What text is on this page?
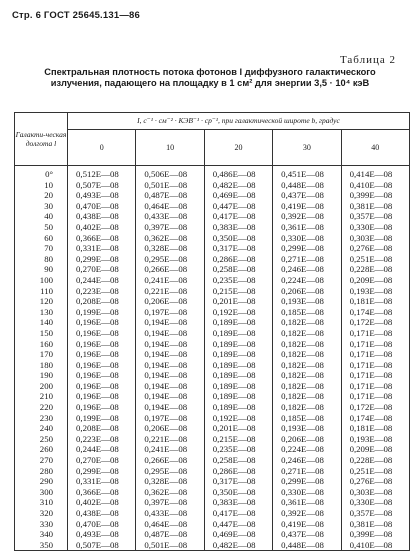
Стр. 6 ГОСТ 25645.131—86
Таблица 2
Спектральная плотность потока фотонов I диффузного галактического излучения, падающего на площадку в 1 см² для энергии 3,5 · 10⁴ кэВ
Галакти-ческая долгота l	I, с⁻¹ · см⁻² · КЭВ⁻¹ · ср⁻¹, при галактической широте b, градус				
	0	10	20	30	40
0°	0,512E—08	0,506E—08	0,486E—08	0,451E—08	0,414E—08
10	0,507E—08	0,501E—08	0,482E—08	0,448E—08	0,410E—08
20	0,493E—08	0,487E—08	0,469E—08	0,437E—08	0,399E—08
30	0,470E—08	0,464E—08	0,447E—08	0,419E—08	0,381E—08
40	0,438E—08	0,433E—08	0,417E—08	0,392E—08	0,357E—08
50	0,402E—08	0,397E—08	0,383E—08	0,361E—08	0,330E—08
60	0,366E—08	0,362E—08	0,350E—08	0,330E—08	0,303E—08
70	0,331E—08	0,328E—08	0,317E—08	0,299E—08	0,276E—08
80	0,299E—08	0,295E—08	0,286E—08	0,271E—08	0,251E—08
90	0,270E—08	0,266E—08	0,258E—08	0,246E—08	0,228E—08
100	0,244E—08	0,241E—08	0,235E—08	0,224E—08	0,209E—08
110	0,223E—08	0,221E—08	0,215E—08	0,206E—08	0,193E—08
120	0,208E—08	0,206E—08	0,201E—08	0,193E—08	0,181E—08
130	0,199E—08	0,197E—08	0,192E—08	0,185E—08	0,174E—08
140	0,196E—08	0,194E—08	0,189E—08	0,182E—08	0,172E—08
150	0,196E—08	0,194E—08	0,189E—08	0,182E—08	0,171E—08
160	0,196E—08	0,194E—08	0,189E—08	0,182E—08	0,171E—08
170	0,196E—08	0,194E—08	0,189E—08	0,182E—08	0,171E—08
180	0,196E—08	0,194E—08	0,189E—08	0,182E—08	0,171E—08
190	0,196E—08	0,194E—08	0,189E—08	0,182E—08	0,171E—08
200	0,196E—08	0,194E—08	0,189E—08	0,182E—08	0,171E—08
210	0,196E—08	0,194E—08	0,189E—08	0,182E—08	0,171E—08
220	0,196E—08	0,194E—08	0,189E—08	0,182E—08	0,172E—08
230	0,199E—08	0,197E—08	0,192E—08	0,185E—08	0,174E—08
240	0,208E—08	0,206E—08	0,201E—08	0,193E—08	0,181E—08
250	0,223E—08	0,221E—08	0,215E—08	0,206E—08	0,193E—08
260	0,244E—08	0,241E—08	0,235E—08	0,224E—08	0,209E—08
270	0,270E—08	0,266E—08	0,258E—08	0,246E—08	0,228E—08
280	0,299E—08	0,295E—08	0,286E—08	0,271E—08	0,251E—08
290	0,331E—08	0,328E—08	0,317E—08	0,299E—08	0,276E—08
300	0,366E—08	0,362E—08	0,350E—08	0,330E—08	0,303E—08
310	0,402E—08	0,397E—08	0,383E—08	0,361E—08	0,330E—08
320	0,438E—08	0,433E—08	0,417E—08	0,392E—08	0,357E—08
330	0,470E—08	0,464E—08	0,447E—08	0,419E—08	0,381E—08
340	0,493E—08	0,487E—08	0,469E—08	0,437E—08	0,399E—08
350	0,507E—08	0,501E—08	0,482E—08	0,448E—08	0,410E—08
